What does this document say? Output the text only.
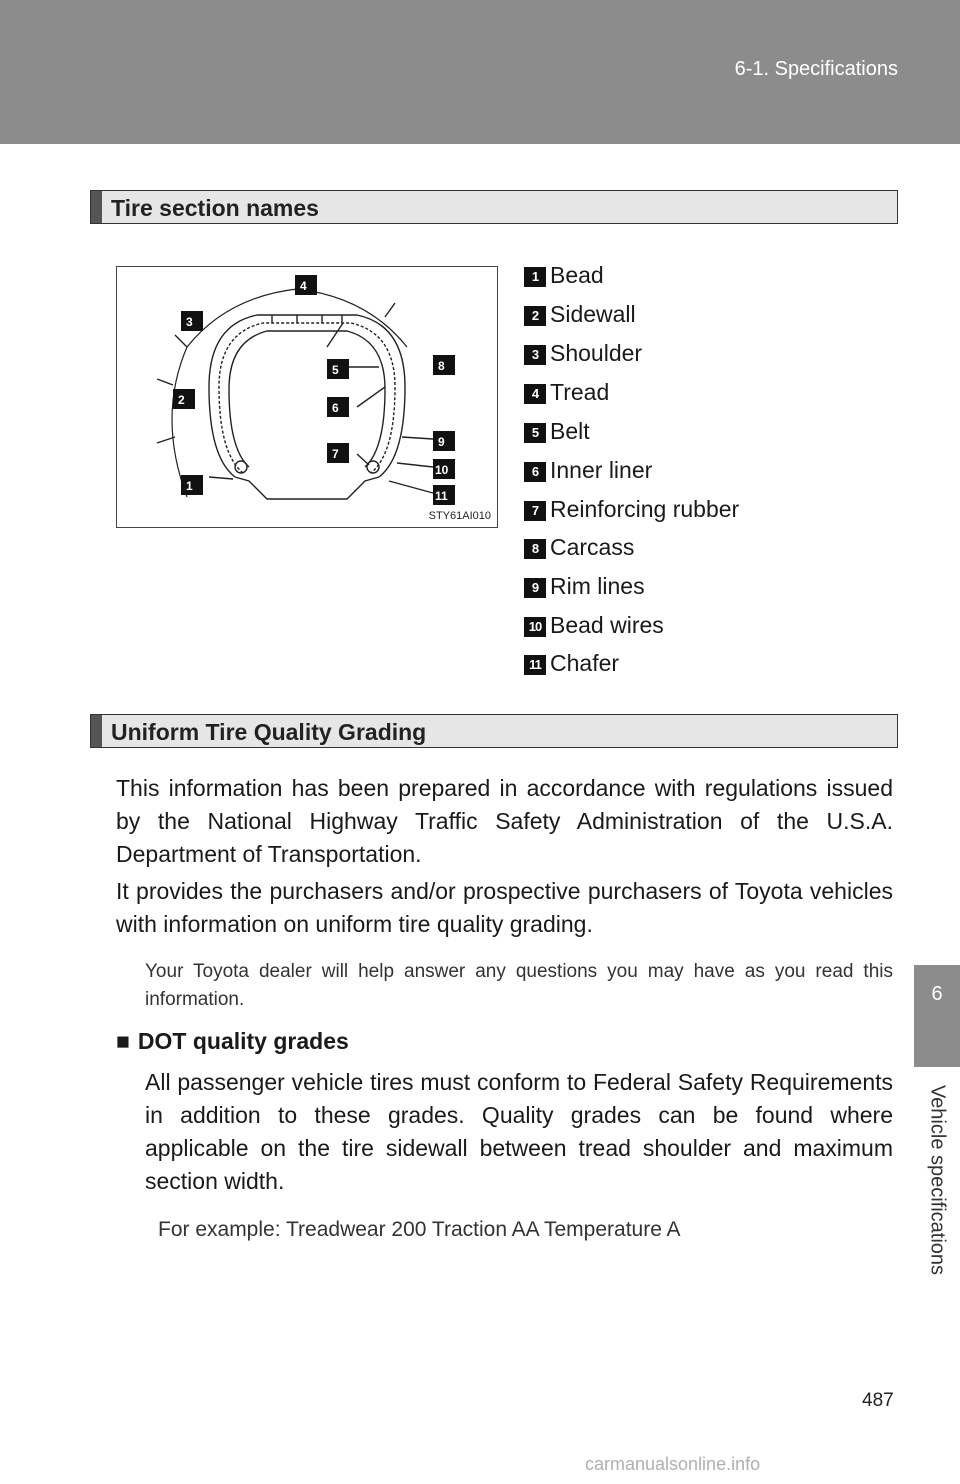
6-1. Specifications
6
Vehicle specifications
Tire section names
4
3
5	8
2
6
9
7
10
1
11
STY61AI010
1 Bead
2 Sidewall
3 Shoulder
4 Tread
5 Belt
6 Inner liner
7 Reinforcing rubber
8 Carcass
9 Rim lines
10 Bead wires
11 Chafer
Uniform Tire Quality Grading
This information has been prepared in accordance with regulations issued by the National Highway Traffic Safety Administration of the U.S.A. Department of Transportation.
It provides the purchasers and/or prospective purchasers of Toyota vehicles with information on uniform tire quality grading.
Your Toyota dealer will help answer any questions you may have as you read this information.
■ DOT quality grades
All passenger vehicle tires must conform to Federal Safety Requirements in addition to these grades. Quality grades can be found where applicable on the tire sidewall between tread shoulder and maximum section width.
For example: Treadwear 200 Traction AA Temperature A
487
carmanualsonline.info
